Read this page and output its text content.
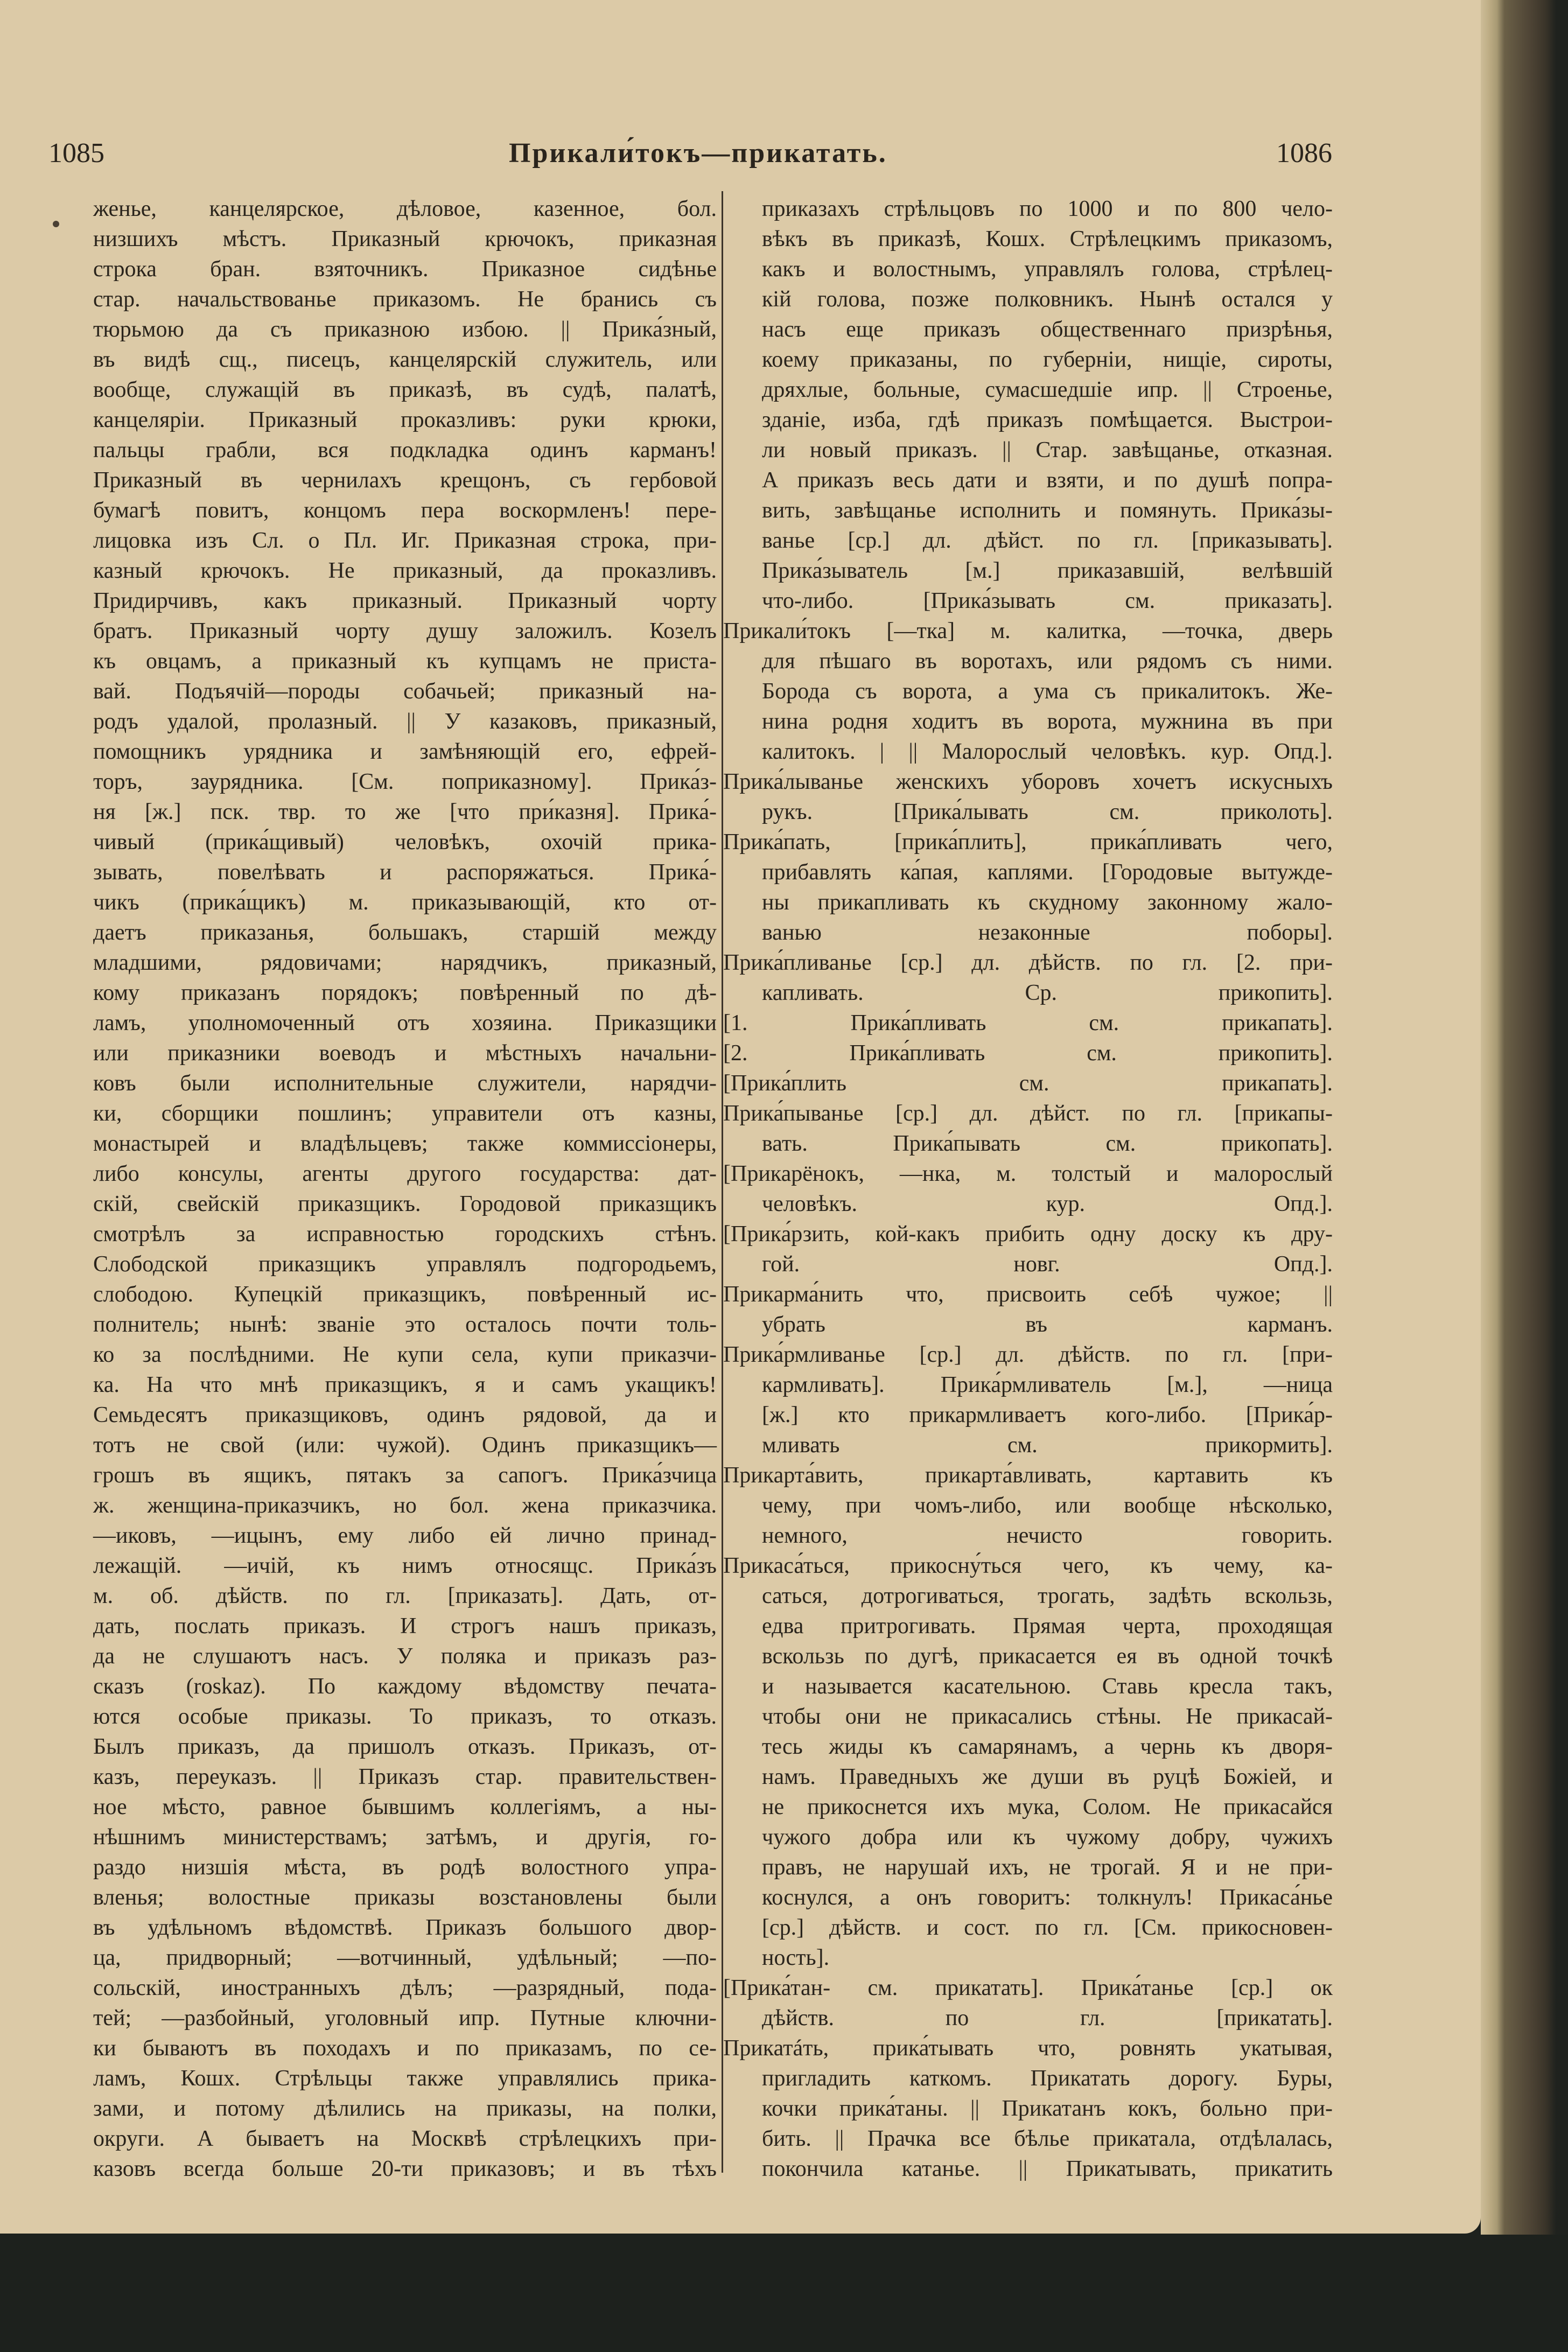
1085	Прикали́токъ—прикатать.	1086
женье, канцелярское, дѣловое, казенное, бол.
низшихъ мѣстъ. Приказный крючокъ, приказная
строка бран. взяточникъ. Приказное сидѣнье
стар. начальствованье приказомъ. Не бранись съ
тюрьмою да съ приказною избою. || Прика́зный,
въ видѣ сщ., писецъ, канцелярскій служитель, или
вообще, служащій въ приказѣ, въ судѣ, палатѣ,
канцеляріи. Приказный проказливъ: руки крюки,
пальцы грабли, вся подкладка одинъ карманъ!
Приказный въ чернилахъ крещонъ, съ гербовой
бумагѣ повитъ, концомъ пера воскормленъ! пере-
лицовка изъ Сл. о Пл. Иг. Приказная строка, при-
казный крючокъ. Не приказный, да проказливъ.
Придирчивъ, какъ приказный. Приказный чорту
братъ. Приказный чорту душу заложилъ. Козелъ
къ овцамъ, а приказный къ купцамъ не приста-
вай. Подъячій—породы собачьей; приказный на-
родъ удалой, пролазный. || У казаковъ, приказный,
помощникъ урядника и замѣняющій его, ефрей-
торъ, заурядника. [См. поприказному]. Прика́з-
ня [ж.] пск. твр. то же [что при́казня]. Прика́-
чивый (прика́щивый) человѣкъ, охочій прика-
зывать, повелѣвать и распоряжаться. Прика́-
чикъ (прика́щикъ) м. приказывающій, кто от-
даетъ приказанья, большакъ, старшій между
младшими, рядовичами; нарядчикъ, приказный,
кому приказанъ порядокъ; повѣренный по дѣ-
ламъ, уполномоченный отъ хозяина. Приказщики
или приказники воеводъ и мѣстныхъ начальни-
ковъ были исполнительные служители, нарядчи-
ки, сборщики пошлинъ; управители отъ казны,
монастырей и владѣльцевъ; также коммиссіонеры,
либо консулы, агенты другого государства: дат-
скій, свейскій приказщикъ. Городовой приказщикъ
смотрѣлъ за исправностью городскихъ стѣнъ.
Слободской приказщикъ управлялъ подгородьемъ,
слободою. Купецкій приказщикъ, повѣренный ис-
полнитель; нынѣ: званіе это осталось почти толь-
ко за послѣдними. Не купи села, купи приказчи-
ка. На что мнѣ приказщикъ, я и самъ укащикъ!
Семьдесятъ приказщиковъ, одинъ рядовой, да и
тотъ не свой (или: чужой). Одинъ приказщикъ—
грошъ въ ящикъ, пятакъ за сапогъ. Прика́зчица
ж. женщина-приказчикъ, но бол. жена приказчика.
—иковъ, —ицынъ, ему либо ей лично принад-
лежащій. —ичій, къ нимъ относящс. Прика́зъ
м. об. дѣйств. по гл. [приказать]. Дать, от-
дать, послать приказъ. И строгъ нашъ приказъ,
да не слушаютъ насъ. У поляка и приказъ раз-
сказъ (roskaz). По каждому вѣдомству печата-
ются особые приказы. То приказъ, то отказъ.
Былъ приказъ, да пришолъ отказъ. Приказъ, от-
казъ, переуказъ. || Приказъ стар. правительствен-
ное мѣсто, равное бывшимъ коллегіямъ, а ны-
нѣшнимъ министерствамъ; затѣмъ, и другія, го-
раздо низшія мѣста, въ родѣ волостного упра-
вленья; волостные приказы возстановлены были
въ удѣльномъ вѣдомствѣ. Приказъ большого двор-
ца, придворный; —вотчинный, удѣльный; —по-
сольскій, иностранныхъ дѣлъ; —разрядный, пода-
тей; —разбойный, уголовный ипр. Путные ключни-
ки бываютъ въ походахъ и по приказамъ, по се-
ламъ, Кошх. Стрѣльцы также управлялись прика-
зами, и потому дѣлились на приказы, на полки,
округи. А бываетъ на Москвѣ стрѣлецкихъ при-
казовъ всегда больше 20-ти приказовъ; и въ тѣхъ
приказахъ стрѣльцовъ по 1000 и по 800 чело-
вѣкъ въ приказѣ, Кошх. Стрѣлецкимъ приказомъ,
какъ и волостнымъ, управлялъ голова, стрѣлец-
кій голова, позже полковникъ. Нынѣ остался у
насъ еще приказъ общественнаго призрѣнья,
коему приказаны, по губерніи, нищіе, сироты,
дряхлые, больные, сумасшедшіе ипр. || Строенье,
зданіе, изба, гдѣ приказъ помѣщается. Выстрои-
ли новый приказъ. || Стар. завѣщанье, отказная.
А приказъ весь дати и взяти, и по душѣ попра-
вить, завѣщанье исполнить и помянуть. Прика́зы-
ванье [ср.] дл. дѣйст. по гл. [приказывать].
Прика́зыватель [м.] приказавшій, велѣвшій
что-либо. [Прика́зывать см. приказать].
Прикали́токъ [—тка] м. калитка, —точка, дверь
для пѣшаго въ воротахъ, или рядомъ съ ними.
Борода съ ворота, а ума съ прикалитокъ. Же-
нина родня ходитъ въ ворота, мужнина въ при
калитокъ. | || Малорослый человѣкъ. кур. Опд.].
Прика́лыванье женскихъ уборовъ хочетъ искусныхъ
рукъ. [Прика́лывать см. приколоть].
Прика́пать, [прика́плить], прика́пливать чего,
прибавлять ка́пая, каплями. [Городовые вытужде-
ны прикапливать къ скудному законному жало-
ванью незаконные поборы].
Прика́пливанье [ср.] дл. дѣйств. по гл. [2. при-
капливать. Ср. прикопить].
[1. Прика́пливать см. прикапать].
[2. Прика́пливать см. прикопить].
[Прика́плить см. прикапать].
Прика́пыванье [ср.] дл. дѣйст. по гл. [прикапы-
вать. Прика́пывать см. прикопать].
[Прикарёнокъ, —нка, м. толстый и малорослый
человѣкъ. кур. Опд.].
[Прика́рзить, кой-какъ прибить одну доску къ дру-
гой. новг. Опд.].
Прикарма́нить что, присвоить себѣ чужое; ||
убрать въ карманъ.
Прика́рмливанье [ср.] дл. дѣйств. по гл. [при-
кармливать]. Прика́рмливатель [м.], —ница
[ж.] кто прикармливаетъ кого-либо. [Прика́р-
мливать см. прикормить].
Прикарта́вить, прикарта́вливать, картавить къ
чему, при чомъ-либо, или вообще нѣсколько,
немного, нечисто говорить.
Прикаса́ться, прикосну́ться чего, къ чему, ка-
саться, дотрогиваться, трогать, задѣть вскользь,
едва притрогивать. Прямая черта, проходящая
вскользь по дугѣ, прикасается ея въ одной точкѣ
и называется касательною. Ставь кресла такъ,
чтобы они не прикасались стѣны. Не прикасай-
тесь жиды къ самарянамъ, а чернь къ дворя-
намъ. Праведныхъ же души въ руцѣ Божіей, и
не прикоснется ихъ мука, Солом. Не прикасайся
чужого добра или къ чужому добру, чужихъ
правъ, не нарушай ихъ, не трогай. Я и не при-
коснулся, а онъ говоритъ: толкнулъ! Прикаса́нье
[ср.] дѣйств. и сост. по гл. [См. прикосновен-
ность].
[Прика́тан- см. прикатать]. Прика́танье [ср.] ок
дѣйств. по гл. [прикатать].
Прикатáть, прика́тывать что, ровнять укатывая,
пригладить каткомъ. Прикатать дорогу. Буры,
кочки прика́таны. || Прикатанъ кокъ, больно при-
бить. || Прачка все бѣлье прикатала, отдѣлалась,
покончила катанье. || Прикатывать, прикатить
